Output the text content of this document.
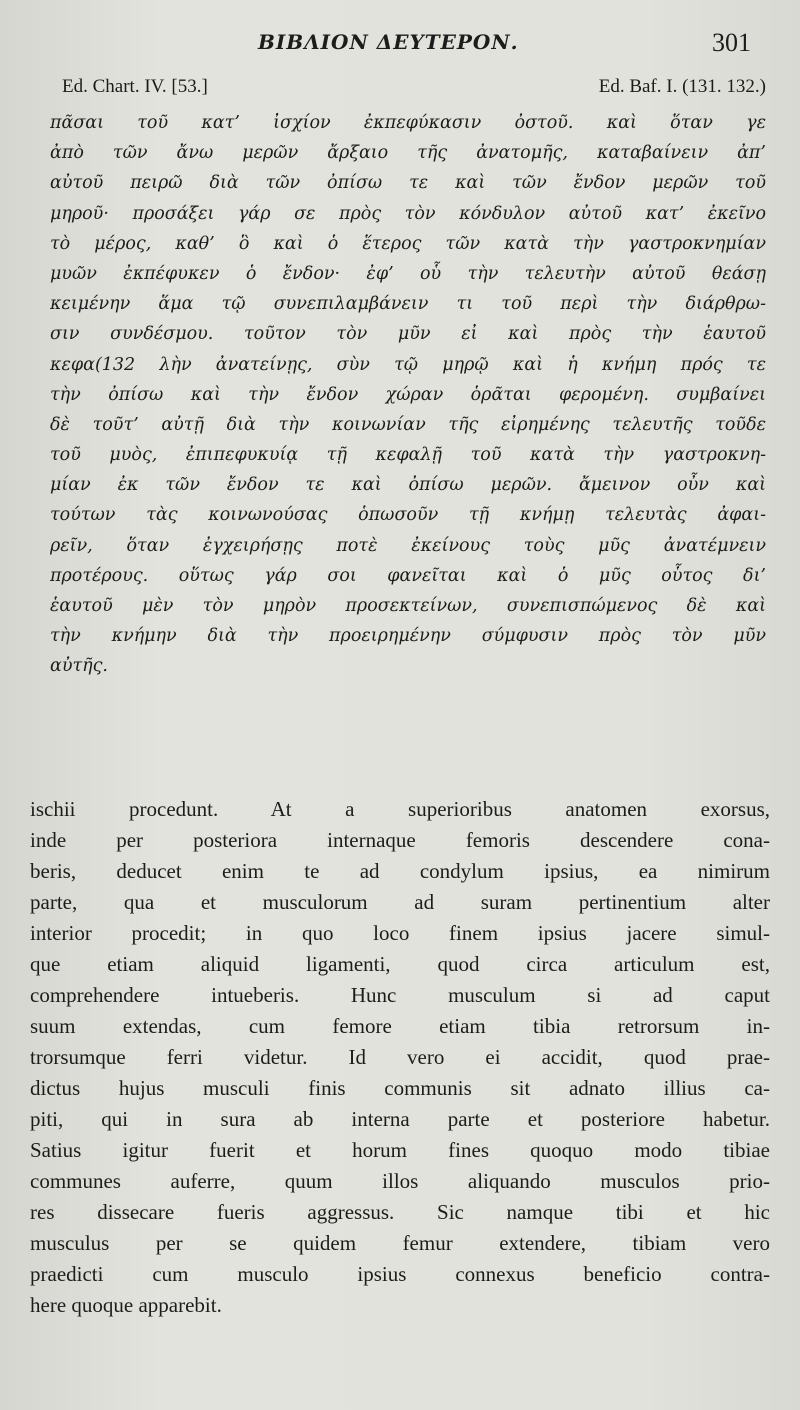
BIBΛΙΟΝ ΔΕΥΤΕΡΟΝ.	301
Ed. Chart. IV. [53.]	Ed. Baf. I. (131. 132.)
πᾶσαι τοῦ κατ’ ἰσχίον ἐκπεφύκασιν ὀστοῦ. καὶ ὅταν γε
ἀπὸ τῶν ἄνω μερῶν ἄρξαιο τῆς ἀνατομῆς, καταβαίνειν ἀπ’
αὐτοῦ πειρῶ διὰ τῶν ὀπίσω τε καὶ τῶν ἔνδον μερῶν τοῦ
μηροῦ· προσάξει γάρ σε πρὸς τὸν κόνδυλον αὐτοῦ κατ’ ἐκεῖνο
τὸ μέρος, καθ’ ὃ καὶ ὁ ἕτερος τῶν κατὰ τὴν γαστροκνημίαν
μυῶν ἐκπέφυκεν ὁ ἔνδον· ἐφ’ οὗ τὴν τελευτὴν αὐτοῦ θεάσῃ
κειμένην ἅμα τῷ συνεπιλαμβάνειν τι τοῦ περὶ τὴν διάρθρω-
σιν συνδέσμου. τοῦτον τὸν μῦν εἰ καὶ πρὸς τὴν ἑαυτοῦ
κεφα(132 λὴν ἀνατείνῃς, σὺν τῷ μηρῷ καὶ ἡ κνήμη πρός τε
τὴν ὀπίσω καὶ τὴν ἔνδον χώραν ὁρᾶται φερομένη. συμβαίνει
δὲ τοῦτ’ αὐτῇ διὰ τὴν κοινωνίαν τῆς εἰρημένης τελευτῆς τοῦδε
τοῦ μυὸς, ἐπιπεφυκυίᾳ τῇ κεφαλῇ τοῦ κατὰ τὴν γαστροκνη-
μίαν ἐκ τῶν ἔνδον τε καὶ ὀπίσω μερῶν. ἄμεινον οὖν καὶ
τούτων τὰς κοινωνούσας ὁπωσοῦν τῇ κνήμῃ τελευτὰς ἀφαι-
ρεῖν, ὅταν ἐγχειρήσῃς ποτὲ ἐκείνους τοὺς μῦς ἀνατέμνειν
προτέρους. οὕτως γάρ σοι φανεῖται καὶ ὁ μῦς οὗτος δι’
ἑαυτοῦ μὲν τὸν μηρὸν προσεκτείνων, συνεπισπώμενος δὲ καὶ
τὴν κνήμην διὰ τὴν προειρημένην σύμφυσιν πρὸς τὸν μῦν
αὐτῆς.
ischii procedunt. At a superioribus anatomen exorsus,
inde per posteriora internaque femoris descendere cona-
beris, deducet enim te ad condylum ipsius, ea nimirum
parte, qua et musculorum ad suram pertinentium alter
interior procedit; in quo loco finem ipsius jacere simul-
que etiam aliquid ligamenti, quod circa articulum est,
comprehendere intueberis. Hunc musculum si ad caput
suum extendas, cum femore etiam tibia retrorsum in-
trorsumque ferri videtur. Id vero ei accidit, quod prae-
dictus hujus musculi finis communis sit adnato illius ca-
piti, qui in sura ab interna parte et posteriore habetur.
Satius igitur fuerit et horum fines quoquo modo tibiae
communes auferre, quum illos aliquando musculos prio-
res dissecare fueris aggressus. Sic namque tibi et hic
musculus per se quidem femur extendere, tibiam vero
praedicti cum musculo ipsius connexus beneficio contra-
here quoque apparebit.
